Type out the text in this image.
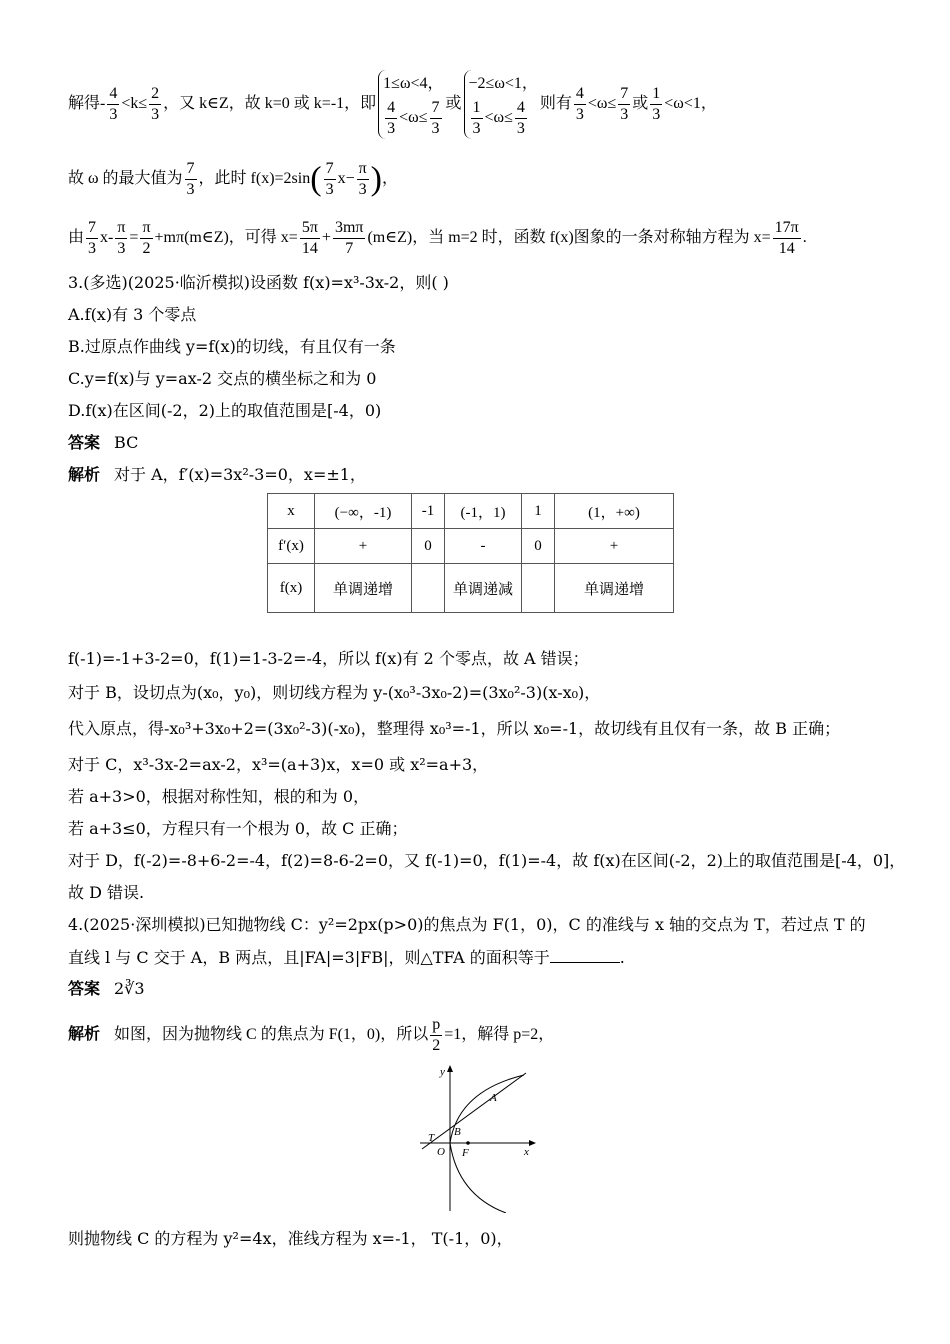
解得- $\frac{4}{3} <k\le \frac{2}{3}$ ，又 k∈Z，故 k=0 或 k=-1，即
1≤ω<4，
$\frac{4}{3} <\omega\le \frac{7}{3}$ 或
−2≤ω<1，
$\frac{1}{3} <\omega\le \frac{4}{3}$ 则有 $\frac{4}{3} <\omega\le \frac{7}{3}$ 或 $\frac{1}{3} <\omega<1$，
故 ω 的最大值为 $\frac{7}{3}$ ，此时 $f(x)=2\sin( \frac{7}{3} x- \frac{\pi}{3}$ )，
由 $\frac{7}{3} x- \frac{\pi}{3} = \frac{\pi}{2}$ +mπ(m∈Z)，可得 $x= \frac{5\pi}{14} + \frac{3m\pi}{7}$ (m∈Z)，当 m=2 时，函数 f(x)图象的一条对称轴方程为 $x= \frac{17\pi}{14}$ .
3.(多选)(2025·临沂模拟)设函数 f(x)=x³-3x-2，则( )
A.f(x)有 3 个零点
B.过原点作曲线 y=f(x)的切线，有且仅有一条
C.y=f(x)与 y=ax-2 交点的横坐标之和为 0
D.f(x)在区间(-2，2)上的取值范围是[-4，0)
答案 BC
解析 对于 A，f′(x)=3x²-3=0，x=±1，
x	(−∞，-1)	-1	(-1，1)	1	(1，+∞)
f′(x)	+	0	-	0	+
f(x)	单调递增		单调递减		单调递增
f(-1)=-1+3-2=0，f(1)=1-3-2=-4，所以 f(x)有 2 个零点，故 A 错误；
对于 B，设切点为(x₀，y₀)，则切线方程为 y-(x₀³-3x₀-2)=(3x₀²-3)(x-x₀)，
代入原点，得-x₀³+3x₀+2=(3x₀²-3)(-x₀)，整理得 x₀³=-1，所以 x₀=-1，故切线有且仅有一条，故 B 正确；
对于 C，x³-3x-2=ax-2，x³=(a+3)x，x=0 或 x²=a+3，
若 a+3>0，根据对称性知，根的和为 0，
若 a+3≤0，方程只有一个根为 0，故 C 正确；
对于 D，f(-2)=-8+6-2=-4，f(2)=8-6-2=0，又 f(-1)=0，f(1)=-4，故 f(x)在区间(-2，2)上的取值范围是[-4，0]，
故 D 错误.
4.(2025·深圳模拟)已知抛物线 C：y²=2px(p>0)的焦点为 F(1，0)，C 的准线与 x 轴的交点为 T，若过点 T 的
直线 l 与 C 交于 A，B 两点，且|FA|=3|FB|，则△TFA 的面积等于	.
答案 2∛3
解析 如图，因为抛物线 C 的焦点为 F(1，0)，所以 $\frac{p}{2} =1$，解得 p=2，
y
x
A
B
T
O F
则抛物线 C 的方程为 y²=4x，准线方程为 x=-1， T(-1，0)，
